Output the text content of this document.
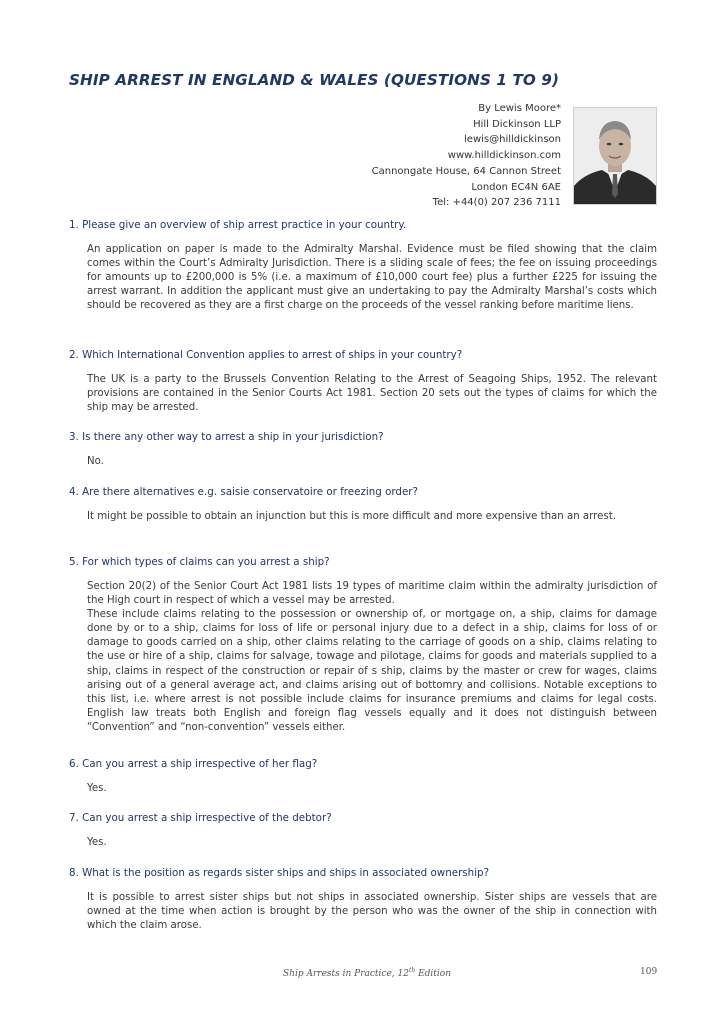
SHIP ARREST IN ENGLAND & WALES (QUESTIONS 1 TO 9)
By Lewis Moore*
Hill Dickinson LLP
lewis@hilldickinson
www.hilldickinson.com
Cannongate House, 64 Cannon Street
London EC4N 6AE
Tel: +44(0) 207 236 7111

1. Please give an overview of ship arrest practice in your country.

An application on paper is made to the Admiralty Marshal. Evidence must be filed showing that the claim comes within the Court’s Admiralty Jurisdiction. There is a sliding scale of fees; the fee on issuing proceedings for amounts up to £200,000 is 5% (i.e. a maximum of £10,000 court fee) plus a further £225 for issuing the arrest warrant. In addition the applicant must give an undertaking to pay the Admiralty Marshal’s costs which should be recovered as they are a first charge on the proceeds of the vessel ranking before maritime liens.

2. Which International Convention applies to arrest of ships in your country?

The UK is a party to the Brussels Convention Relating to the Arrest of Seagoing Ships, 1952. The relevant provisions are contained in the Senior Courts Act 1981. Section 20 sets out the types of claims for which the ship may be arrested.

3. Is there any other way to arrest a ship in your jurisdiction?

No.

4. Are there alternatives e.g. saisie conservatoire or freezing order?

It might be possible to obtain an injunction but this is more difficult and more expensive than an arrest.

5. For which types of claims can you arrest a ship?

Section 20(2) of the Senior Court Act 1981 lists 19 types of maritime claim within the admiralty jurisdiction of the High court in respect of which a vessel may be arrested.

These include claims relating to the possession or ownership of, or mortgage on, a ship, claims for damage done by or to a ship, claims for loss of life or personal injury due to a defect in a ship, claims for loss of or damage to goods carried on a ship, other claims relating to the carriage of goods on a ship, claims relating to the use or hire of a ship, claims for salvage, towage and pilotage, claims for goods and materials supplied to a ship, claims in respect of the construction or repair of s ship, claims by the master or crew for wages, claims arising out of a general average act, and claims arising out of bottomry and collisions. Notable exceptions to this list, i.e. where arrest is not possible include claims for insurance premiums and claims for legal costs. English law treats both English and foreign flag vessels equally and it does not distinguish between “Convention” and “non-convention” vessels either.

6. Can you arrest a ship irrespective of her flag?

Yes.

7. Can you arrest a ship irrespective of the debtor?

Yes.

8. What is the position as regards sister ships and ships in associated ownership?

It is possible to arrest sister ships but not ships in associated ownership. Sister ships are vessels that are owned at the time when action is brought by the person who was the owner of the ship in connection with which the claim arose.

Ship Arrests in Practice, 12th Edition	109
